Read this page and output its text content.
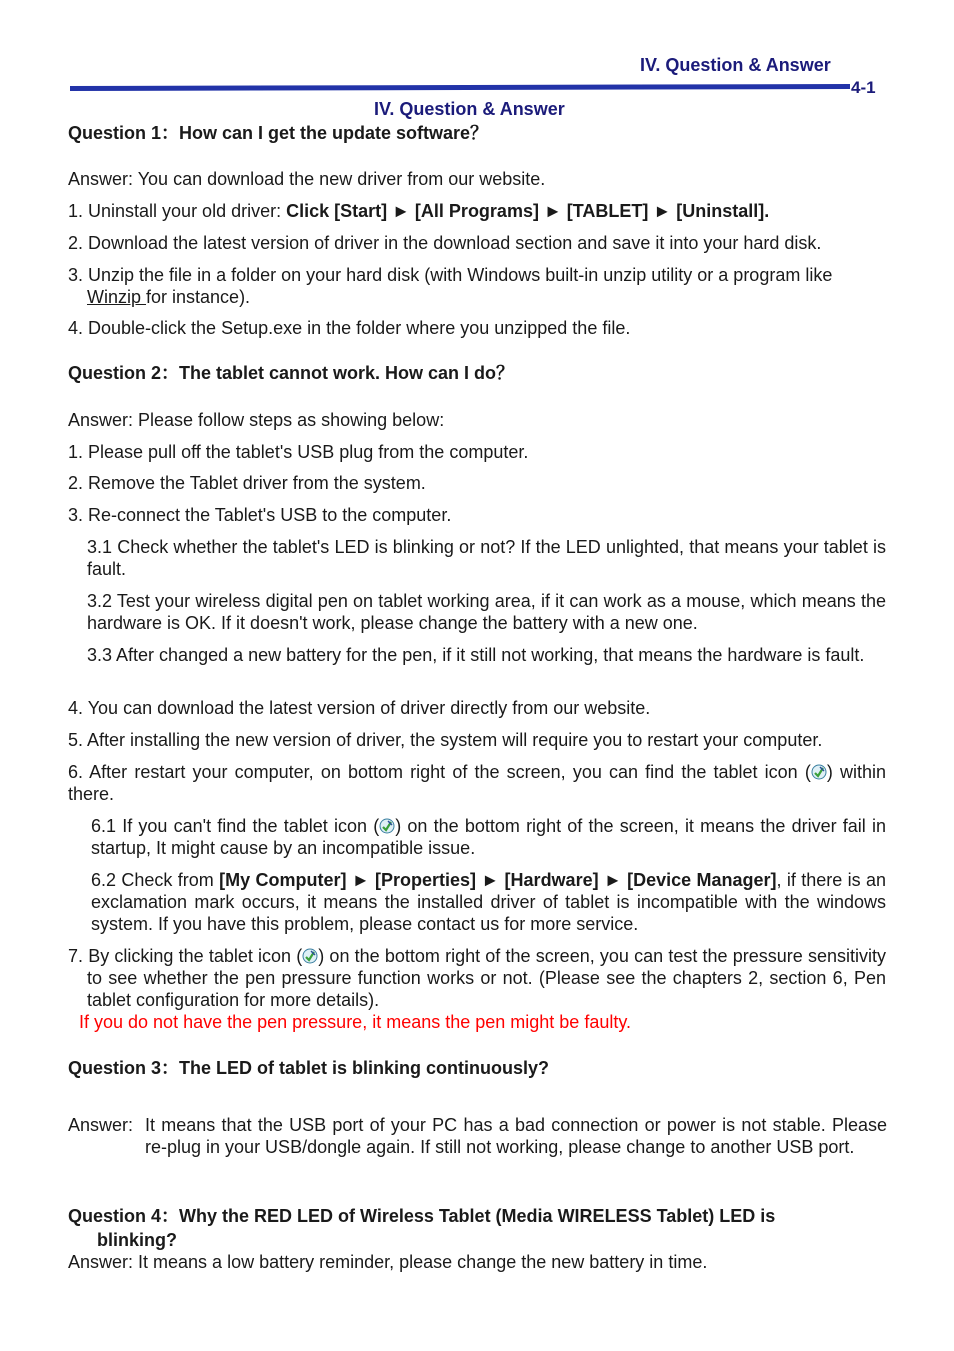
IV. Question & Answer
4-1
IV. Question & Answer
Question 1：How can I get the update software？
Answer: You can download the new driver from our website.
1. Uninstall your old driver: Click [Start] ► [All Programs] ► [TABLET] ► [Uninstall].
2. Download the latest version of driver in the download section and save it into your hard disk.
3. Unzip the file in a folder on your hard disk (with Windows built-in unzip utility or a program like
Winzip for instance).
4. Double-click the Setup.exe in the folder where you unzipped the file.
Question 2：The tablet cannot work. How can I do？
Answer: Please follow steps as showing below:
1. Please pull off the tablet's USB plug from the computer.
2. Remove the Tablet driver from the system.
3. Re-connect the Tablet's USB to the computer.
3.1 Check whether the tablet's LED is blinking or not? If the LED unlighted, that means your tablet is fault.
3.2 Test your wireless digital pen on tablet working area, if it can work as a mouse, which means the hardware is OK. If it doesn't work, please change the battery with a new one.
3.3 After changed a new battery for the pen, if it still not working, that means the hardware is fault.
4. You can download the latest version of driver directly from our website.
5. After installing the new version of driver, the system will require you to restart your computer.
6. After restart your computer, on bottom right of the screen, you can find the tablet icon ( ) within there.
6.1 If you can't find the tablet icon ( ) on the bottom right of the screen, it means the driver fail in startup, It might cause by an incompatible issue.
6.2 Check from [My Computer] ► [Properties] ► [Hardware] ► [Device Manager], if there is an exclamation mark occurs, it means the installed driver of tablet is incompatible with the windows system. If you have this problem, please contact us for more service.
7. By clicking the tablet icon ( ) on the bottom right of the screen, you can test the pressure sensitivity to see whether the pen pressure function works or not. (Please see the chapters 2, section 6, Pen tablet configuration for more details).
If you do not have the pen pressure, it means the pen might be faulty.
Question 3：The LED of tablet is blinking continuously?
Answer: It means that the USB port of your PC has a bad connection or power is not stable. Please re-plug in your USB/dongle again. If still not working, please change to another USB port.
Question 4：Why the RED LED of Wireless Tablet (Media WIRELESS Tablet) LED is
blinking?
Answer: It means a low battery reminder, please change the new battery in time.
